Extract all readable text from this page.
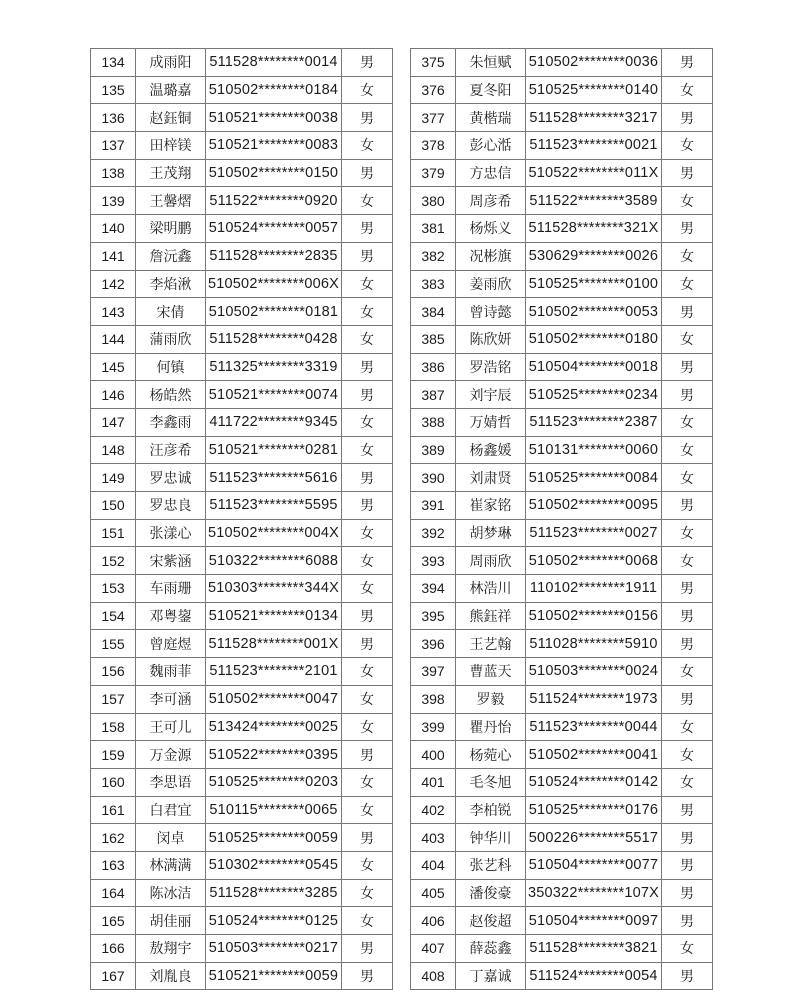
134	成雨阳	511528********0014	男
135	温璐嘉	510502********0184	女
136	赵鈺铜	510521********0038	男
137	田梓镁	510521********0083	女
138	王茂翔	510502********0150	男
139	王馨熠	511522********0920	女
140	梁明鹏	510524********0057	男
141	詹沅鑫	511528********2835	男
142	李焰湫	510502********006X	女
143	宋倩	510502********0181	女
144	蒲雨欣	511528********0428	女
145	何镇	511325********3319	男
146	杨皓然	510521********0074	男
147	李鑫雨	411722********9345	女
148	汪彦希	510521********0281	女
149	罗忠诚	511523********5616	男
150	罗忠良	511523********5595	男
151	张漾心	510502********004X	女
152	宋紫涵	510322********6088	女
153	车雨珊	510303********344X	女
154	邓粤鋆	510521********0134	男
155	曾庭煜	511528********001X	男
156	魏雨菲	511523********2101	女
157	李可涵	510502********0047	女
158	王可儿	513424********0025	女
159	万金源	510522********0395	男
160	李思语	510525********0203	女
161	白君宜	510115********0065	女
162	闵卓	510525********0059	男
163	林满满	510302********0545	女
164	陈冰洁	511528********3285	女
165	胡佳丽	510524********0125	女
166	敖翔宇	510503********0217	男
167	刘胤良	510521********0059	男
375	朱恒赋	510502********0036	男
376	夏冬阳	510525********0140	女
377	黄楷瑞	511528********3217	男
378	彭心湉	511523********0021	女
379	方忠信	510522********011X	男
380	周彦希	511522********3589	女
381	杨烁义	511528********321X	男
382	况彬旗	530629********0026	女
383	姜雨欣	510525********0100	女
384	曾诗懿	510502********0053	男
385	陈欣妍	510502********0180	女
386	罗浩铭	510504********0018	男
387	刘宇辰	510525********0234	男
388	万婧哲	511523********2387	女
389	杨鑫媛	510131********0060	女
390	刘肃贤	510525********0084	女
391	崔家铭	510502********0095	男
392	胡梦琳	511523********0027	女
393	周雨欣	510502********0068	女
394	林浩川	110102********1911	男
395	熊鈺祥	510502********0156	男
396	王艺翰	511028********5910	男
397	曹蓝天	510503********0024	女
398	罗毅	511524********1973	男
399	瞿丹怡	511523********0044	女
400	杨菀心	510502********0041	女
401	毛冬旭	510524********0142	女
402	李柏锐	510525********0176	男
403	钟华川	500226********5517	男
404	张艺科	510504********0077	男
405	潘俊豪	350322********107X	男
406	赵俊超	510504********0097	男
407	薛蕊鑫	511528********3821	女
408	丁嘉诚	511524********0054	男
